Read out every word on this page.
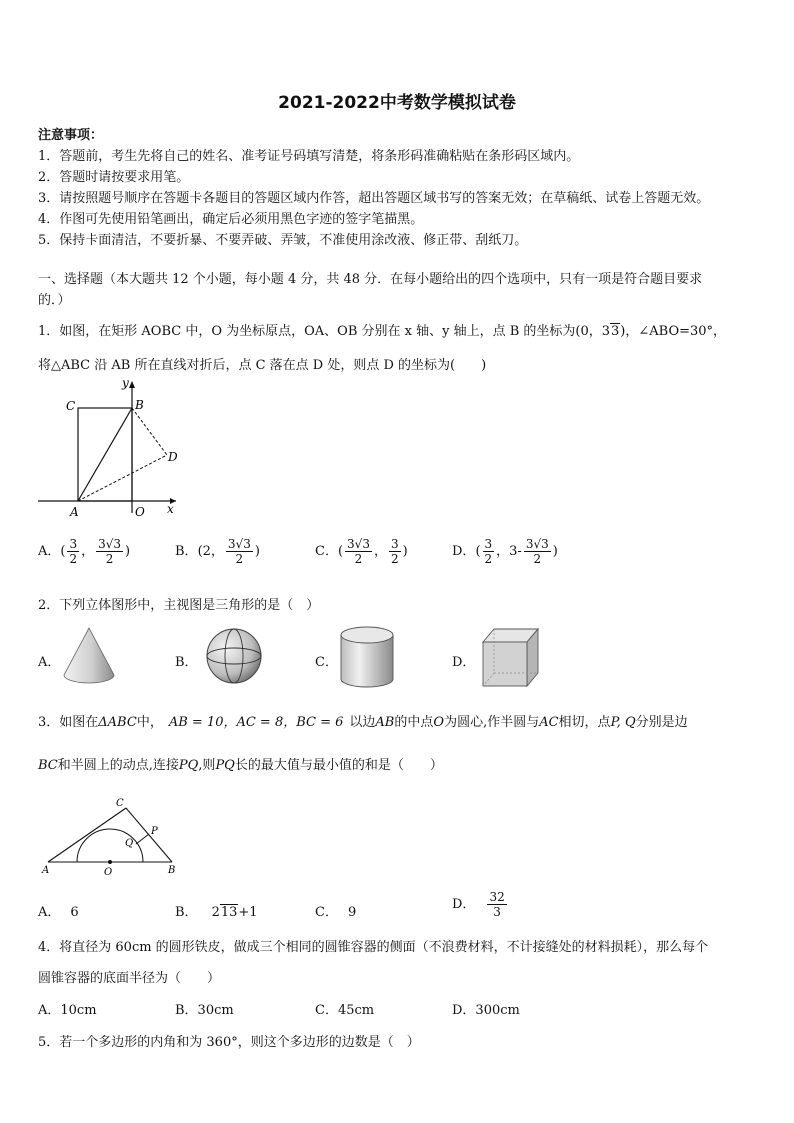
2021-2022中考数学模拟试卷
注意事项：
1．答题前，考生先将自己的姓名、准考证号码填写清楚，将条形码准确粘贴在条形码区域内。
2．答题时请按要求用笔。
3．请按照题号顺序在答题卡各题目的答题区域内作答，超出答题区域书写的答案无效；在草稿纸、试卷上答题无效。
4．作图可先使用铅笔画出，确定后必须用黑色字迹的签字笔描黑。
5．保持卡面清洁，不要折暴、不要弄破、弄皱，不准使用涂改液、修正带、刮纸刀。
一、选择题（本大题共 12 个小题，每小题 4 分，共 48 分．在每小题给出的四个选项中，只有一项是符合题目要求
的．）
1．如图，在矩形 AOBC 中，O 为坐标原点，OA、OB 分别在 x 轴、y 轴上，点 B 的坐标为(0，33)，∠ABO=30°，
将△ABC 沿 AB 所在直线对折后，点 C 落在点 D 处，则点 D 的坐标为(　　)
C	B
y
D
A	O x
A．( $\frac{3}{2}$ ， $\frac{3√3}{2}$ )	B．(2， $\frac{3√3}{2}$ )	C．( $\frac{3√3}{2}$ ， $\frac{3}{2}$ )	D．( $\frac{3}{2}$ ，$3- \frac{3√3}{2}$ )
2．下列立体图形中，主视图是三角形的是（　）
A．	B．	C．	D．
3．如图在ΔABC中， AB = 10，AC = 8，BC = 6 以边AB的中点O为圆心,作半圆与AC相切，点P, Q分别是边
BC和半圆上的动点,连接PQ,则PQ长的最大值与最小值的和是（　　）
C
P
Q
A	O	B
A． 6	B． 213+1	C． 9
D． $\frac{32}{3}$
4．将直径为 60cm 的圆形铁皮，做成三个相同的圆锥容器的侧面（不浪费材料，不计接缝处的材料损耗），那么每个
圆锥容器的底面半径为（　　）
A．10cm	B．30cm	C．45cm	D．300cm
5．若一个多边形的内角和为 360°，则这个多边形的边数是（　）
